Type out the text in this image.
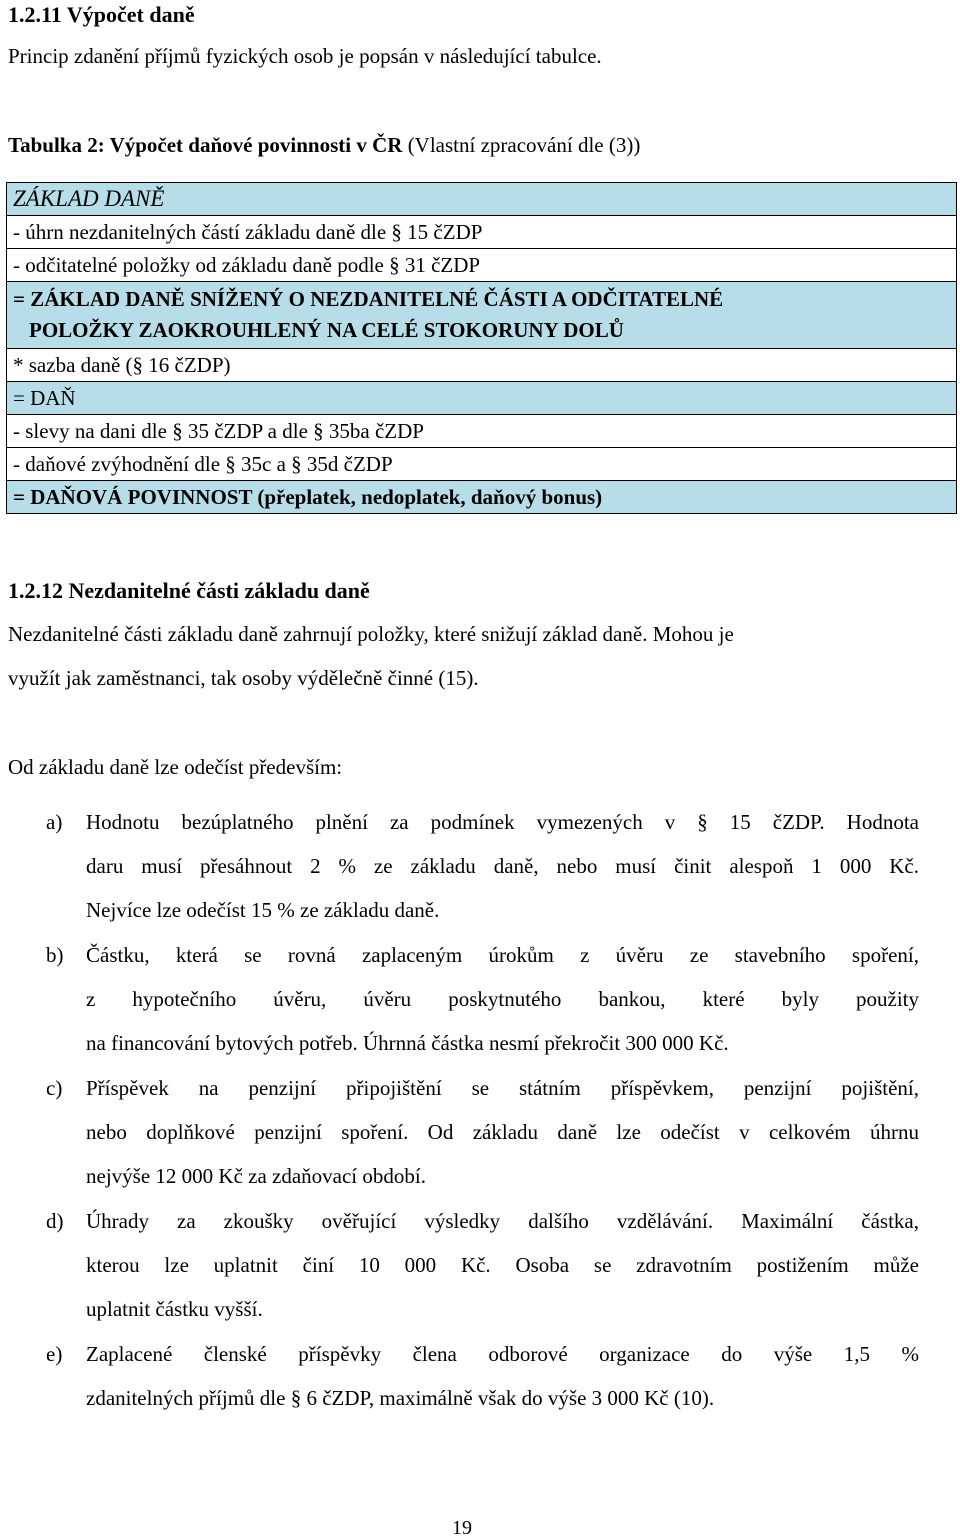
1.2.11 Výpočet daně
Princip zdanění příjmů fyzických osob je popsán v následující tabulce.
Tabulka 2: Výpočet daňové povinnosti v ČR (Vlastní zpracování dle (3))
ZÁKLAD DANĚ
- úhrn nezdanitelných částí základu daně dle § 15 čZDP
- odčitatelné položky od základu daně podle § 31 čZDP

= ZÁKLAD DANĚ SNÍŽENÝ O NEZDANITELNÉ ČÁSTI A ODČITATELNÉ
POLOŽKY ZAOKROUHLENÝ NA CELÉ STOKORUNY DOLŮ

* sazba daně (§ 16 čZDP)
= DAŇ
- slevy na dani dle § 35 čZDP a dle § 35ba čZDP
- daňové zvýhodnění dle § 35c a § 35d čZDP
= DAŇOVÁ POVINNOST (přeplatek, nedoplatek, daňový bonus)
1.2.12 Nezdanitelné části základu daně
Nezdanitelné části základu daně zahrnují položky, které snižují základ daně. Mohou je
využít jak zaměstnanci, tak osoby výdělečně činné (15).
Od základu daně lze odečíst především:
a) Hodnotu bezúplatného plnění za podmínek vymezených v § 15 čZDP. Hodnota
daru musí přesáhnout 2 % ze základu daně, nebo musí činit alespoň 1 000 Kč.
Nejvíce lze odečíst 15 % ze základu daně.
b) Částku, která se rovná zaplaceným úrokům z úvěru ze stavebního spoření,
z hypotečního úvěru, úvěru poskytnutého bankou, které byly použity
na financování bytových potřeb. Úhrnná částka nesmí překročit 300 000 Kč.
c) Příspěvek na penzijní připojištění se státním příspěvkem, penzijní pojištění,
nebo doplňkové penzijní spoření. Od základu daně lze odečíst v celkovém úhrnu
nejvýše 12 000 Kč za zdaňovací období.
d) Úhrady za zkoušky ověřující výsledky dalšího vzdělávání. Maximální částka,
kterou lze uplatnit činí 10 000 Kč. Osoba se zdravotním postižením může
uplatnit částku vyšší.
e) Zaplacené členské příspěvky člena odborové organizace do výše 1,5 %
zdanitelných příjmů dle § 6 čZDP, maximálně však do výše 3 000 Kč (10).
19
